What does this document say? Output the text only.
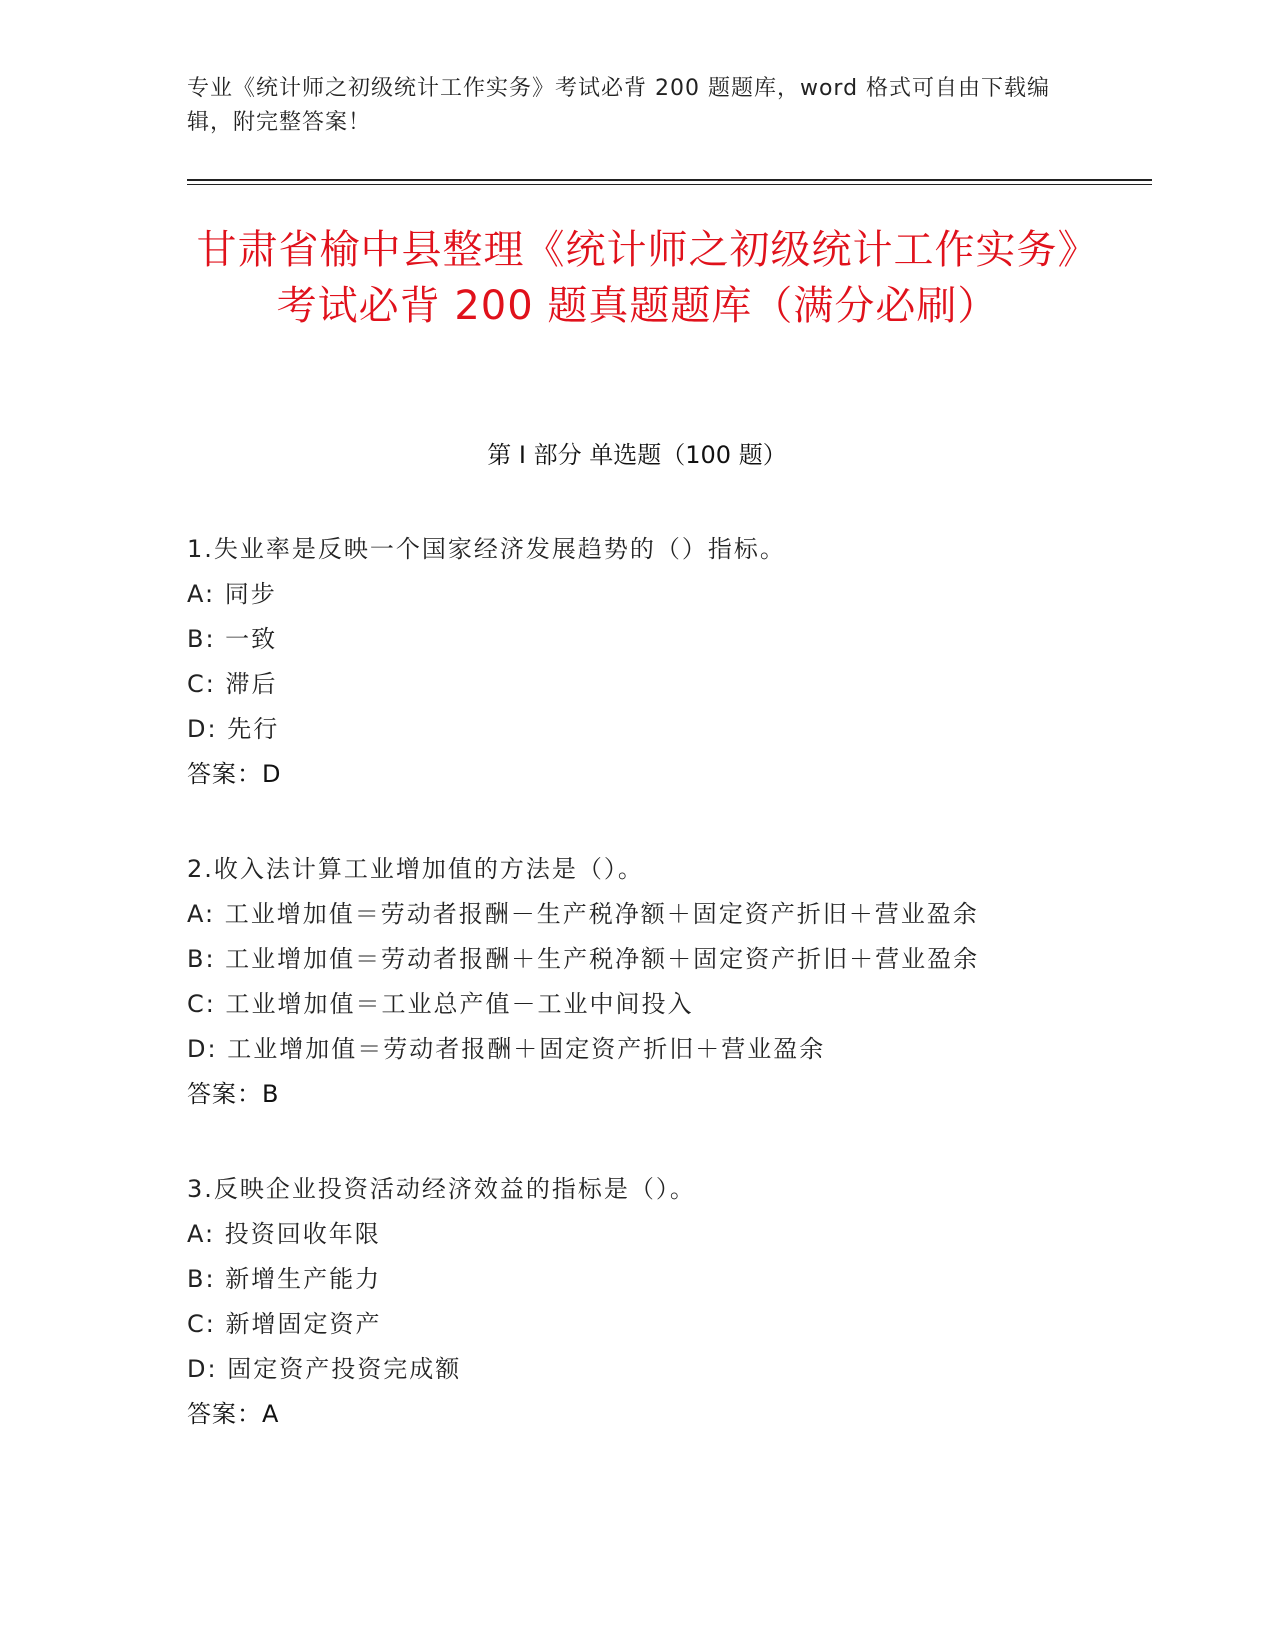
专业《统计师之初级统计工作实务》考试必背 200 题题库，word 格式可自由下载编辑，附完整答案！
甘肃省榆中县整理《统计师之初级统计工作实务》考试必背 200 题真题题库（满分必刷）
第 I 部分 单选题（100 题）
1.失业率是反映一个国家经济发展趋势的（）指标。
A: 同步
B: 一致
C: 滞后
D: 先行
答案：D
2.收入法计算工业增加值的方法是（）。
A: 工业增加值＝劳动者报酬－生产税净额＋固定资产折旧＋营业盈余
B: 工业增加值＝劳动者报酬＋生产税净额＋固定资产折旧＋营业盈余
C: 工业增加值＝工业总产值－工业中间投入
D: 工业增加值＝劳动者报酬＋固定资产折旧＋营业盈余
答案：B
3.反映企业投资活动经济效益的指标是（）。
A: 投资回收年限
B: 新增生产能力
C: 新增固定资产
D: 固定资产投资完成额
答案：A
